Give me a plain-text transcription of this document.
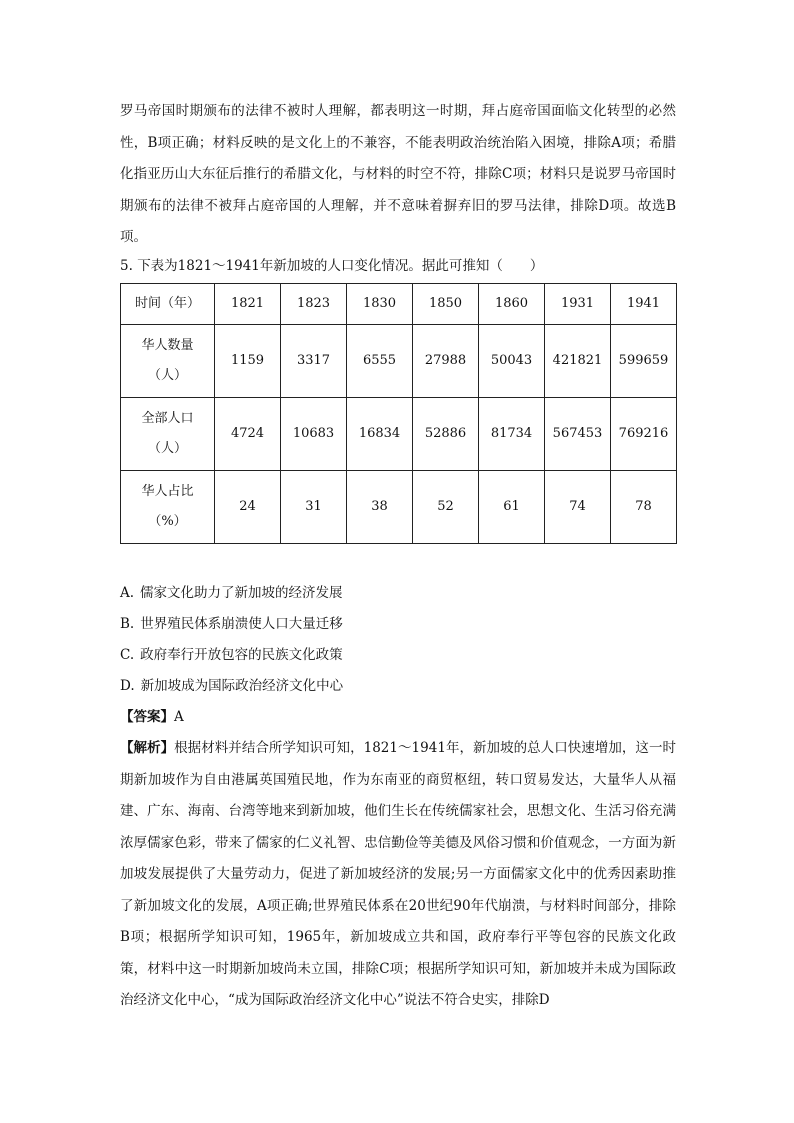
罗马帝国时期颁布的法律不被时人理解，都表明这一时期，拜占庭帝国面临文化转型的必然性，B项正确；材料反映的是文化上的不兼容，不能表明政治统治陷入困境，排除A项；希腊化指亚历山大东征后推行的希腊文化，与材料的时空不符，排除C项；材料只是说罗马帝国时期颁布的法律不被拜占庭帝国的人理解，并不意味着摒弃旧的罗马法律，排除D项。故选B项。

5. 下表为1821～1941年新加坡的人口变化情况。据此可推知（　　）

时间（年）	1821	1823	1830	1850	1860	1931	1941

华人数量
（人）	1159	3317	6555	27988	50043	421821	599659

全部人口
（人）	4724	10683	16834	52886	81734	567453	769216

华人占比
（%）	24	31	38	52	61	74	78
A. 儒家文化助力了新加坡的经济发展
B. 世界殖民体系崩溃使人口大量迁移
C. 政府奉行开放包容的民族文化政策
D. 新加坡成为国际政治经济文化中心

【答案】A

【解析】根据材料并结合所学知识可知，1821～1941年，新加坡的总人口快速增加，这一时期新加坡作为自由港属英国殖民地，作为东南亚的商贸枢纽，转口贸易发达，大量华人从福建、广东、海南、台湾等地来到新加坡，他们生长在传统儒家社会，思想文化、生活习俗充满浓厚儒家色彩，带来了儒家的仁义礼智、忠信勤俭等美德及风俗习惯和价值观念，一方面为新加坡发展提供了大量劳动力，促进了新加坡经济的发展;另一方面儒家文化中的优秀因素助推了新加坡文化的发展，A项正确;世界殖民体系在20世纪90年代崩溃，与材料时间部分，排除B项；根据所学知识可知，1965年，新加坡成立共和国，政府奉行平等包容的民族文化政策，材料中这一时期新加坡尚未立国，排除C项；根据所学知识可知，新加坡并未成为国际政治经济文化中心，“成为国际政治经济文化中心”说法不符合史实，排除D
